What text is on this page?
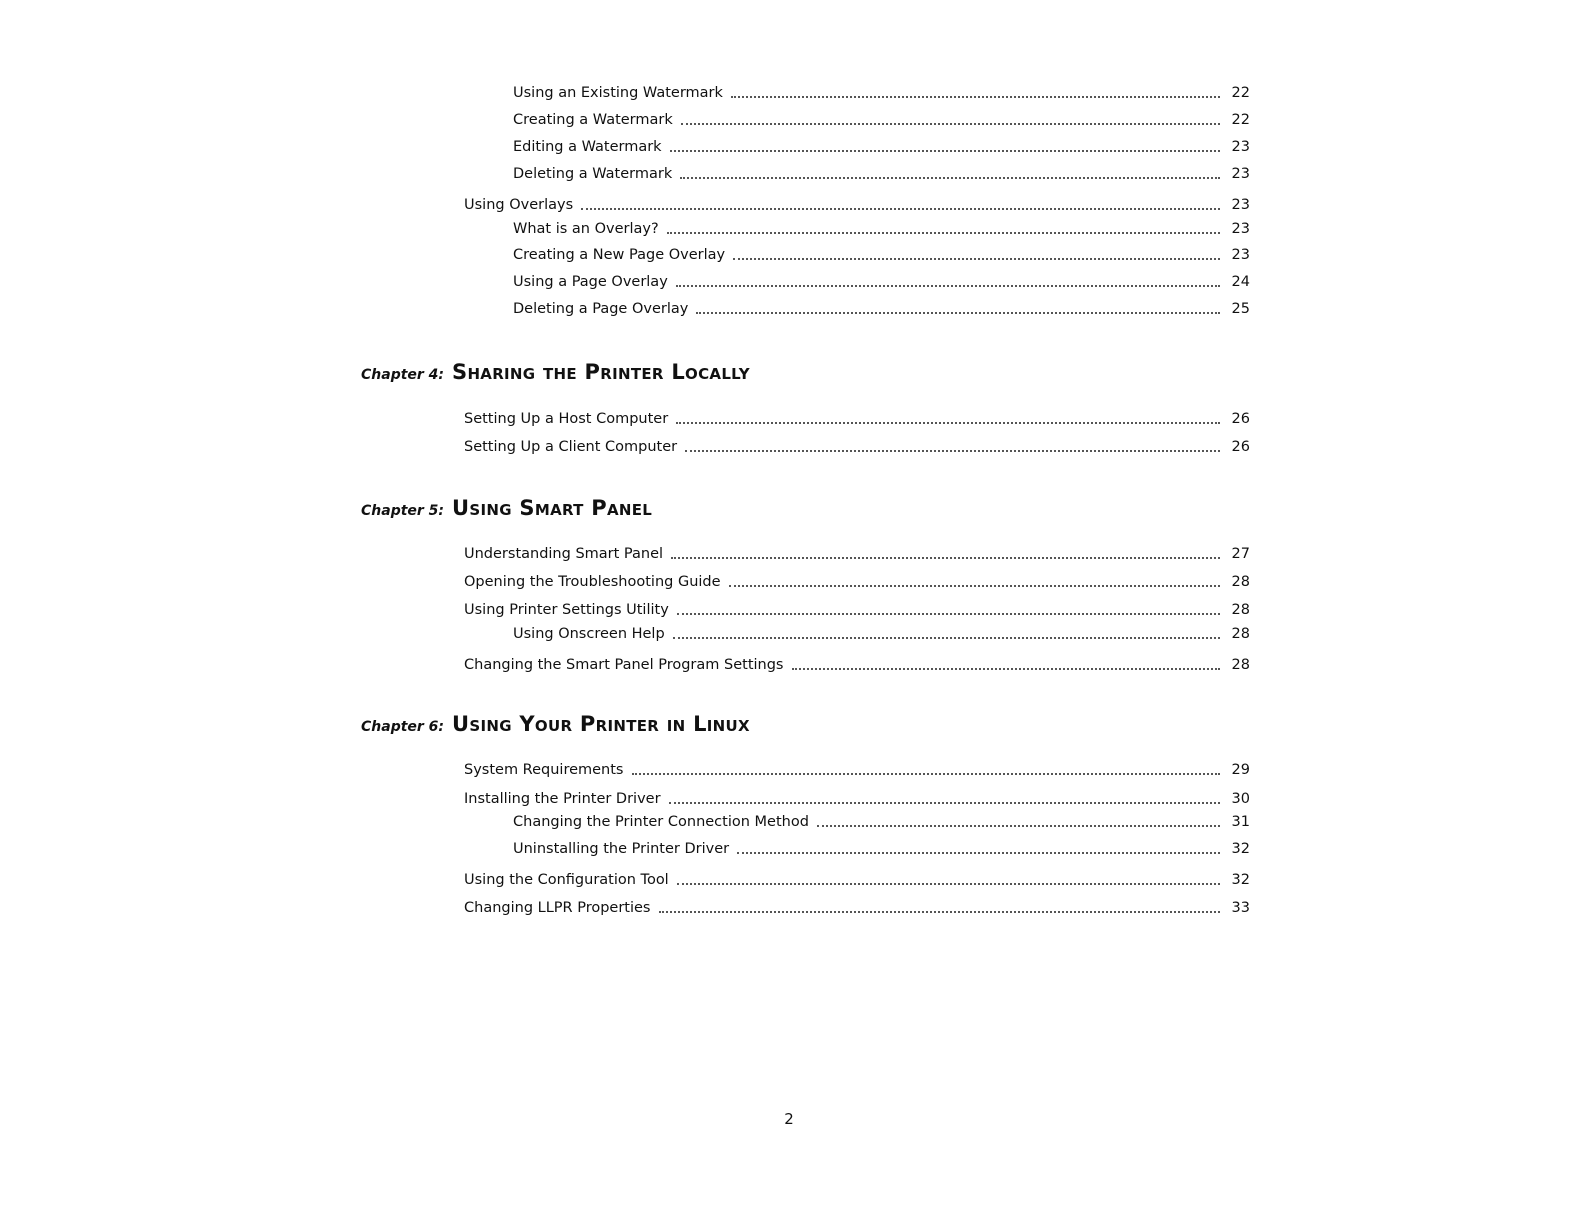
Using an Existing Watermark	22
Creating a Watermark	22
Editing a Watermark	23
Deleting a Watermark	23
Using Overlays	23
What is an Overlay?	23
Creating a New Page Overlay	23
Using a Page Overlay	24
Deleting a Page Overlay	25
Chapter 4: Sharing the Printer Locally
Setting Up a Host Computer	26
Setting Up a Client Computer	26
Chapter 5: Using Smart Panel
Understanding Smart Panel	27
Opening the Troubleshooting Guide	28
Using Printer Settings Utility	28
Using Onscreen Help	28
Changing the Smart Panel Program Settings	28
Chapter 6: Using Your Printer in Linux
System Requirements	29
Installing the Printer Driver	30
Changing the Printer Connection Method	31
Uninstalling the Printer Driver	32
Using the Configuration Tool	32
Changing LLPR Properties	33
2
